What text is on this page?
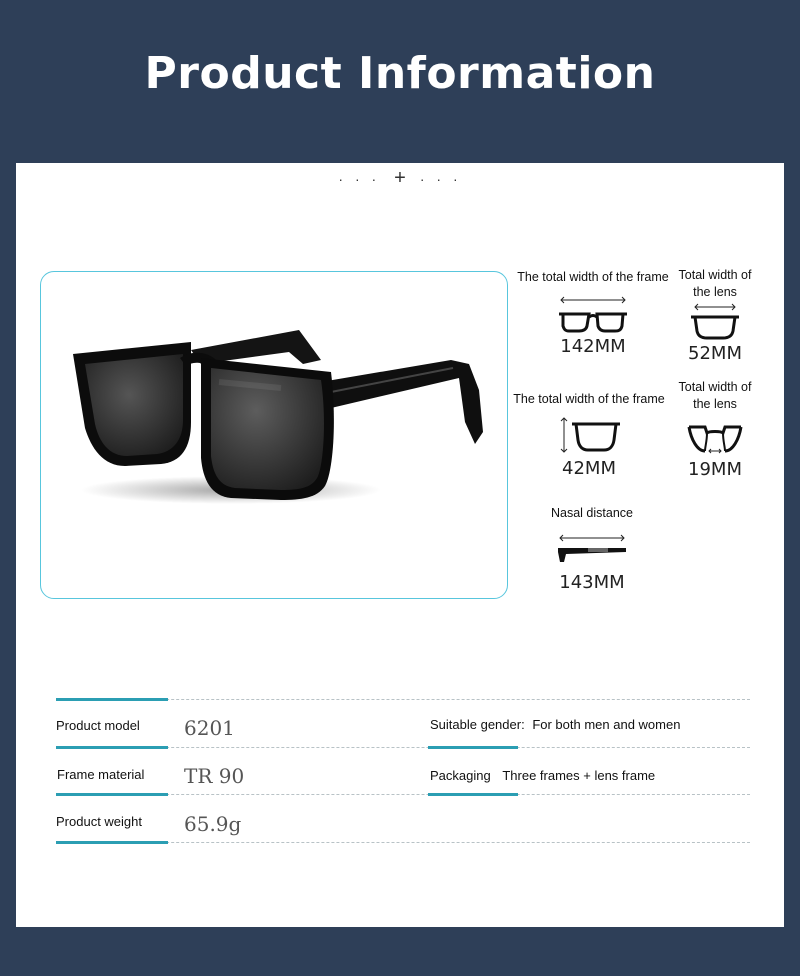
Product Information
· · · + · · ·
The total width of the frame
142MM
Total width of the lens
52MM
The total width of the frame
42MM
Total width of the lens
19MM
Nasal distance
143MM
Product model 6201
Frame material TR 90
Product weight 65.9g
Suitable gender: For both men and women
Packaging Three frames + lens frame
